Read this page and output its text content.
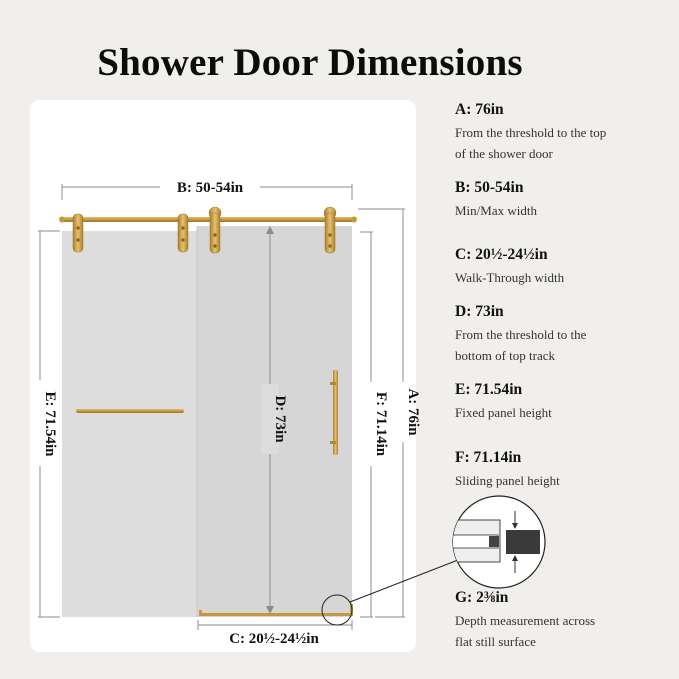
Shower Door Dimensions
B: 50-54in
E: 71.54in	D: 73in	F: 71.14in A: 76in
C: 20½-24½in
A: 76in
From the threshold to the top of the shower door
B: 50-54in
Min/Max width
C: 20½-24½in
Walk-Through width
D: 73in
From the threshold to the bottom of top track
E: 71.54in
Fixed panel height
F: 71.14in
Sliding panel height
G: 2⅜in
Depth measurement across flat still surface
